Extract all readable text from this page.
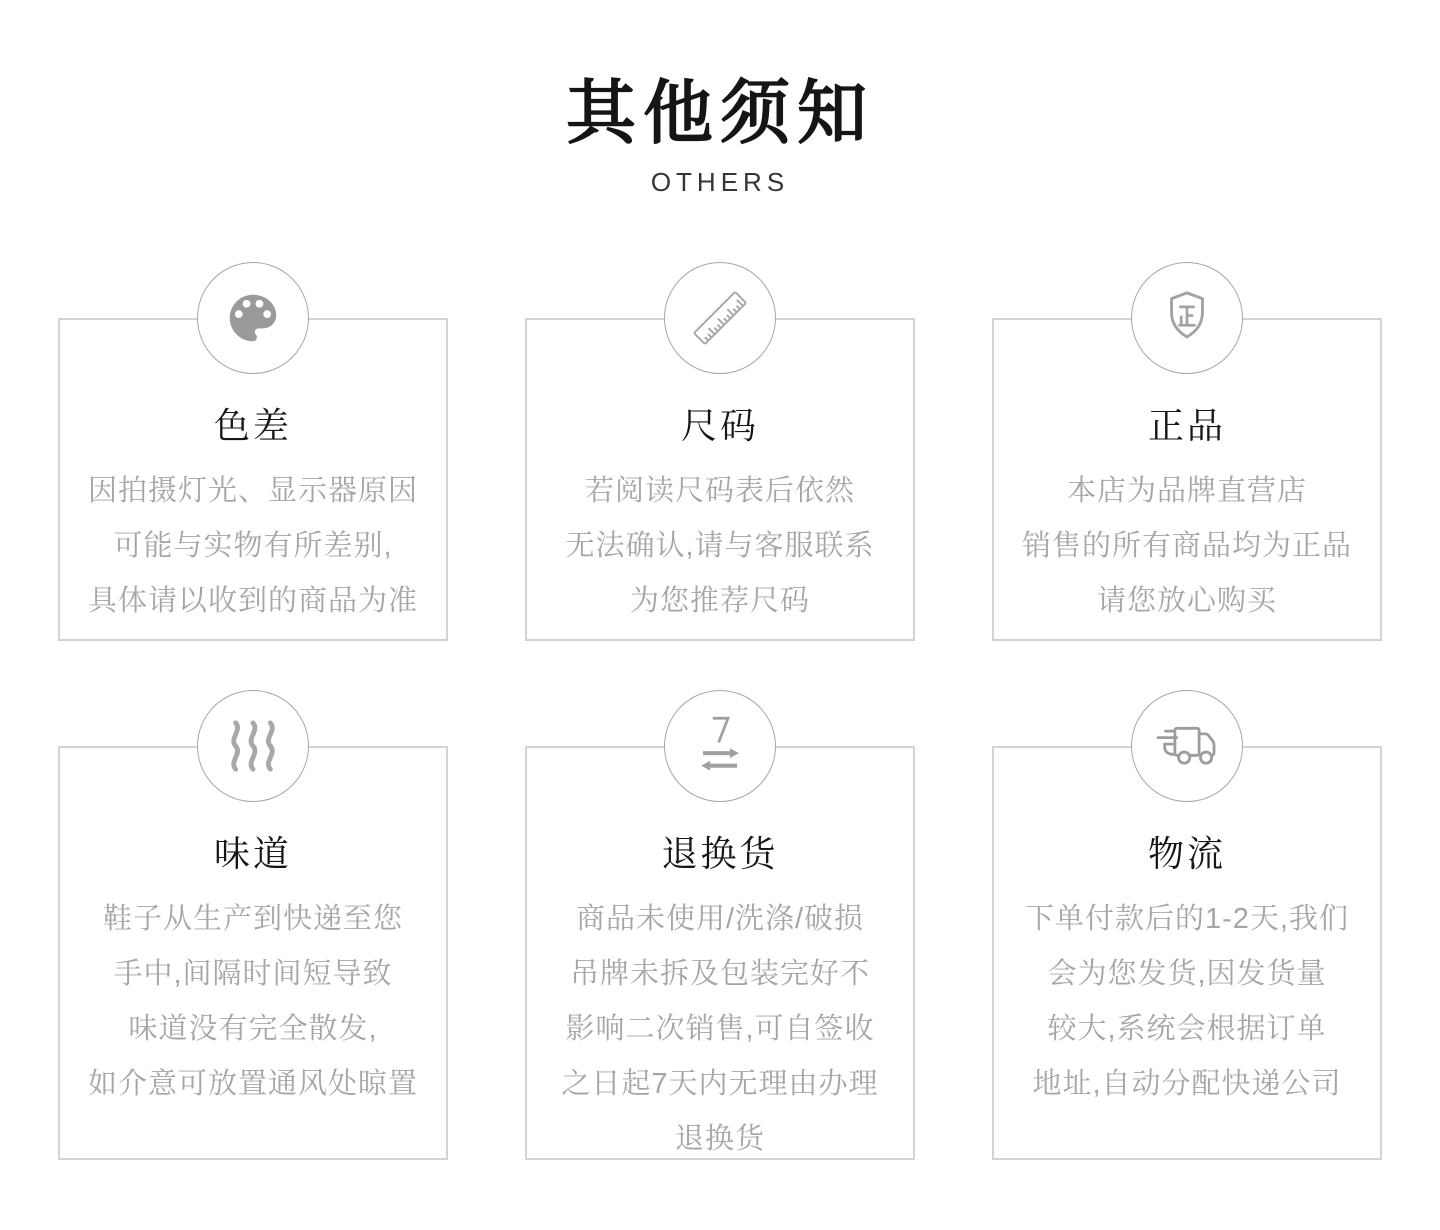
其他须知
OTHERS
色差
因拍摄灯光、显示器原因
可能与实物有所差别,
具体请以收到的商品为准
尺码
若阅读尺码表后依然
无法确认,请与客服联系
为您推荐尺码
正品
本店为品牌直营店
销售的所有商品均为正品
请您放心购买
味道
鞋子从生产到快递至您
手中,间隔时间短导致
味道没有完全散发,
如介意可放置通风处晾置
退换货
商品未使用/洗涤/破损
吊牌未拆及包装完好不
影响二次销售,可自签收
之日起7天内无理由办理
退换货
物流
下单付款后的1-2天,我们
会为您发货,因发货量
较大,系统会根据订单
地址,自动分配快递公司
